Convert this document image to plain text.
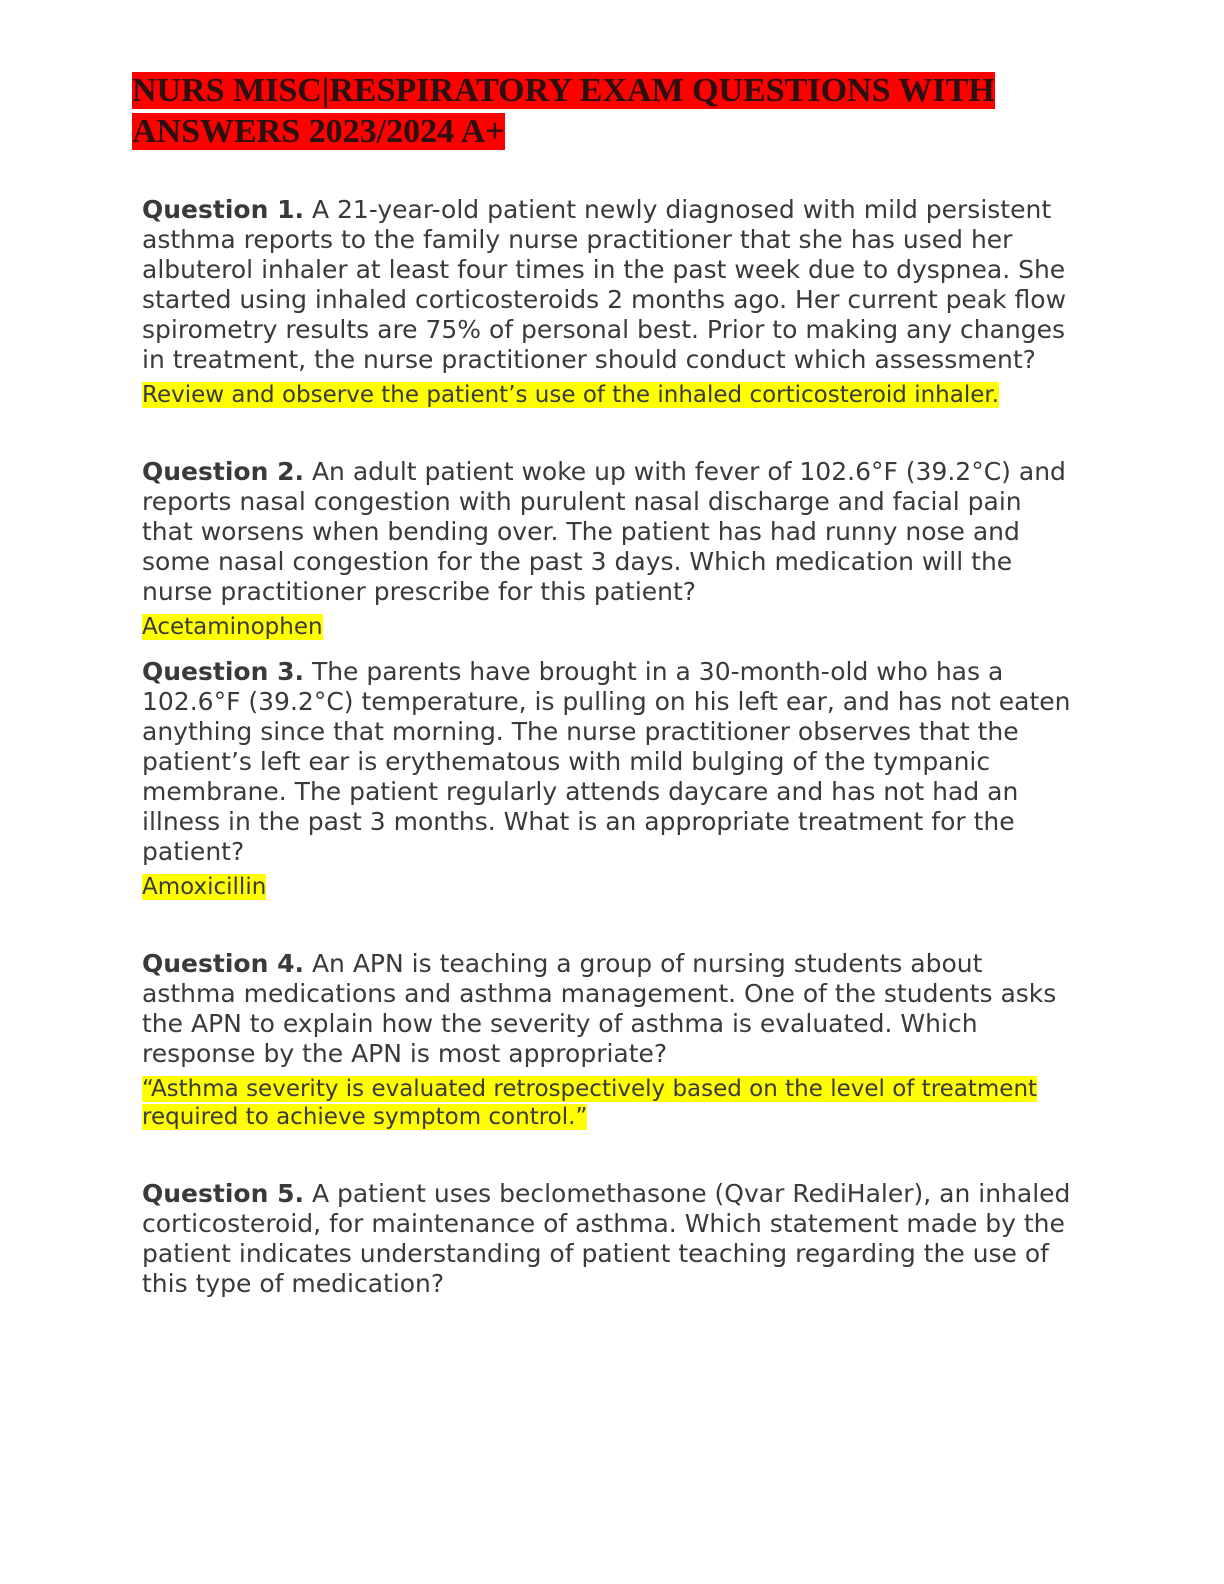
NURS MISC|RESPIRATORY EXAM QUESTIONS WITH ANSWERS 2023/2024 A+

Question 1. A 21-year-old patient newly diagnosed with mild persistent asthma reports to the family nurse practitioner that she has used her albuterol inhaler at least four times in the past week due to dyspnea. She started using inhaled corticosteroids 2 months ago. Her current peak flow spirometry results are 75% of personal best. Prior to making any changes in treatment, the nurse practitioner should conduct which assessment?

Review and observe the patient’s use of the inhaled corticosteroid inhaler.

Question 2. An adult patient woke up with fever of 102.6°F (39.2°C) and reports nasal congestion with purulent nasal discharge and facial pain that worsens when bending over. The patient has had runny nose and some nasal congestion for the past 3 days. Which medication will the nurse practitioner prescribe for this patient?

Acetaminophen

Question 3. The parents have brought in a 30-month-old who has a 102.6°F (39.2°C) temperature, is pulling on his left ear, and has not eaten anything since that morning. The nurse practitioner observes that the patient’s left ear is erythematous with mild bulging of the tympanic membrane. The patient regularly attends daycare and has not had an illness in the past 3 months. What is an appropriate treatment for the patient?

Amoxicillin

Question 4. An APN is teaching a group of nursing students about asthma medications and asthma management. One of the students asks the APN to explain how the severity of asthma is evaluated. Which response by the APN is most appropriate?

“Asthma severity is evaluated retrospectively based on the level of treatment required to achieve symptom control.”

Question 5. A patient uses beclomethasone (Qvar RediHaler), an inhaled corticosteroid, for maintenance of asthma. Which statement made by the patient indicates understanding of patient teaching regarding the use of this type of medication?
